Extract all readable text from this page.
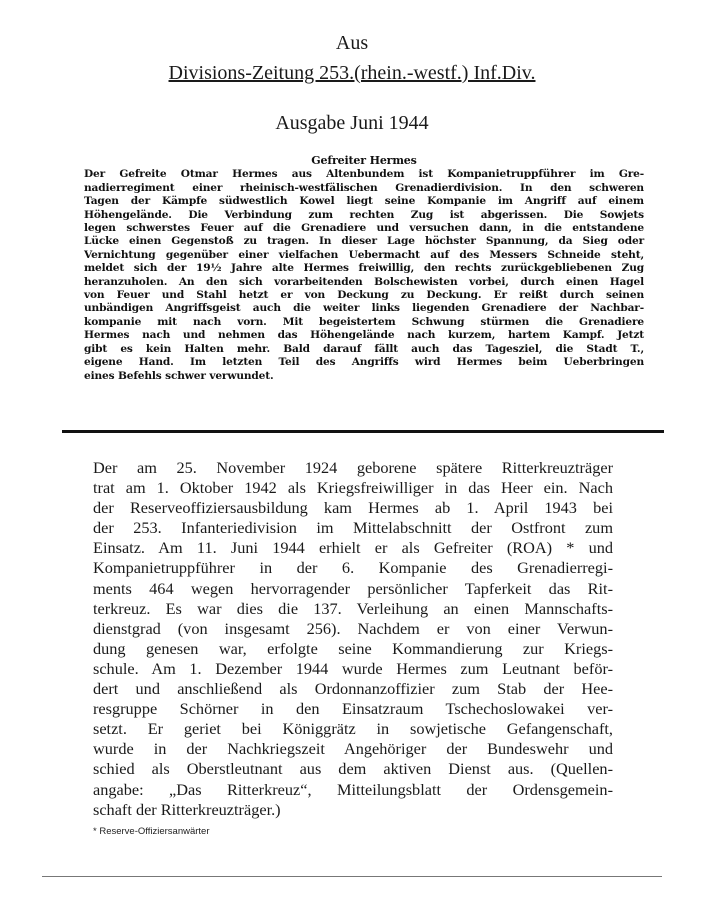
Aus
Divisions-Zeitung 253.(rhein.-westf.) Inf.Div.
Ausgabe Juni 1944
Gefreiter Hermes
Der Gefreite Otmar Hermes aus Altenbundem ist Kompanietruppführer im Gre-
nadierregiment einer rheinisch-westfälischen Grenadierdivision. In den schweren
Tagen der Kämpfe südwestlich Kowel liegt seine Kompanie im Angriff auf einem
Höhengelände. Die Verbindung zum rechten Zug ist abgerissen. Die Sowjets
legen schwerstes Feuer auf die Grenadiere und versuchen dann, in die entstandene
Lücke einen Gegenstoß zu tragen. In dieser Lage höchster Spannung, da Sieg oder
Vernichtung gegenüber einer vielfachen Uebermacht auf des Messers Schneide steht,
meldet sich der 19½ Jahre alte Hermes freiwillig, den rechts zurückgebliebenen Zug
heranzuholen. An den sich vorarbeitenden Bolschewisten vorbei, durch einen Hagel
von Feuer und Stahl hetzt er von Deckung zu Deckung. Er reißt durch seinen
unbändigen Angriffsgeist auch die weiter links liegenden Grenadiere der Nachbar-
kompanie mit nach vorn. Mit begeistertem Schwung stürmen die Grenadiere
Hermes nach und nehmen das Höhengelände nach kurzem, hartem Kampf. Jetzt
gibt es kein Halten mehr. Bald darauf fällt auch das Tagesziel, die Stadt T.,
eigene Hand. Im letzten Teil des Angriffs wird Hermes beim Ueberbringen
eines Befehls schwer verwundet.
Der am 25. November 1924 geborene spätere Ritterkreuzträger
trat am 1. Oktober 1942 als Kriegsfreiwilliger in das Heer ein. Nach
der Reserveoffiziersausbildung kam Hermes ab 1. April 1943 bei
der 253. Infanteriedivision im Mittelabschnitt der Ostfront zum
Einsatz. Am 11. Juni 1944 erhielt er als Gefreiter (ROA) * und
Kompanietruppführer in der 6. Kompanie des Grenadierregi-
ments 464 wegen hervorragender persönlicher Tapferkeit das Rit-
terkreuz. Es war dies die 137. Verleihung an einen Mannschafts-
dienstgrad (von insgesamt 256). Nachdem er von einer Verwun-
dung genesen war, erfolgte seine Kommandierung zur Kriegs-
schule. Am 1. Dezember 1944 wurde Hermes zum Leutnant beför-
dert und anschließend als Ordonnanzoffizier zum Stab der Hee-
resgruppe Schörner in den Einsatzraum Tschechoslowakei ver-
setzt. Er geriet bei Königgrätz in sowjetische Gefangenschaft,
wurde in der Nachkriegszeit Angehöriger der Bundeswehr und
schied als Oberstleutnant aus dem aktiven Dienst aus. (Quellen-
angabe: „Das Ritterkreuz“, Mitteilungsblatt der Ordensgemein-
schaft der Ritterkreuzträger.)
* Reserve-Offiziersanwärter
